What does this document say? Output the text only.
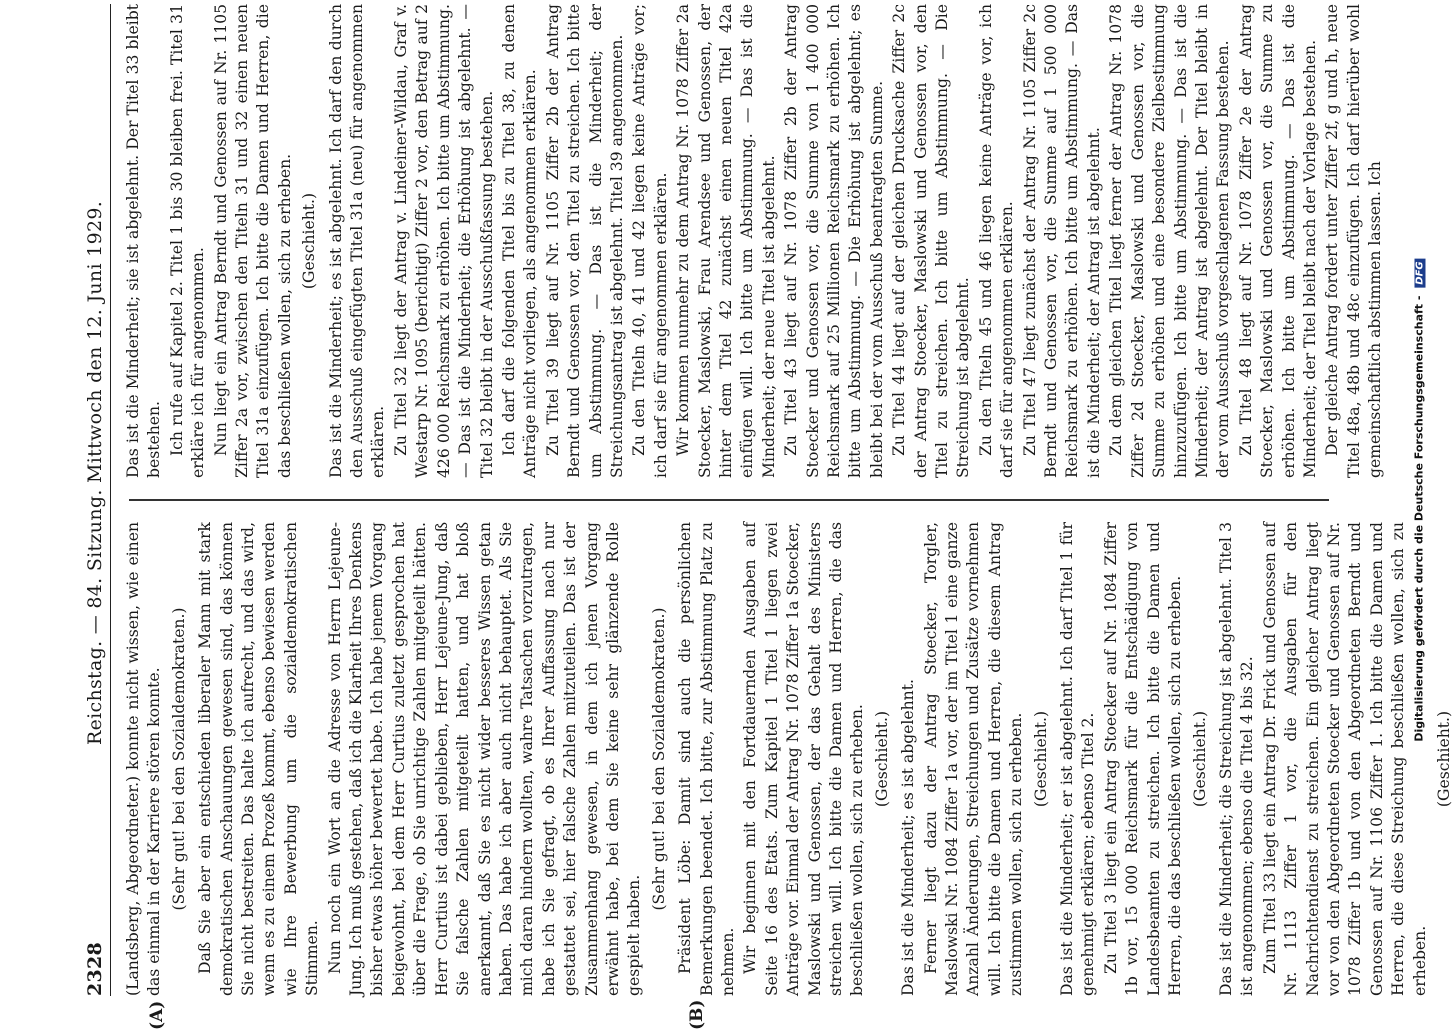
2328
Reichstag. — 84. Sitzung. Mittwoch den 12. Juni 1929.
(A)	(B)

(Landsberg, Abgeordneter.) konnte nicht wissen, wie einen das einmal in der Karriere stören konnte. (Sehr gut! bei den Sozialdemokraten.) Daß Sie aber ein entschieden liberaler Mann mit stark demokratischen Anschauungen gewesen sind, das können Sie nicht bestreiten. Das halte ich aufrecht, und das wird, wenn es zu einem Prozeß kommt, ebenso bewiesen werden wie Ihre Bewerbung um die sozialdemokratischen Stimmen. Nun noch ein Wort an die Adresse von Herrn Lejeune-Jung. Ich muß gestehen, daß ich die Klarheit Ihres Denkens bisher etwas höher bewertet habe. Ich habe jenem Vorgang beigewohnt, bei dem Herr Curtius zuletzt gesprochen hat über die Frage, ob Sie unrichtige Zahlen mitgeteilt hätten. Herr Curtius ist dabei geblieben, Herr Lejeune-Jung, daß Sie falsche Zahlen mitgeteilt hatten, und hat bloß anerkannt, daß Sie es nicht wider besseres Wissen getan haben. Das habe ich aber auch nicht behauptet. Als Sie mich daran hindern wollten, wahre Tatsachen vorzutragen, habe ich Sie gefragt, ob es Ihrer Auffassung nach nur gestattet sei, hier falsche Zahlen mitzuteilen. Das ist der Zusammenhang gewesen, in dem ich jenen Vorgang erwähnt habe, bei dem Sie keine sehr glänzende Rolle gespielt haben.

(Sehr gut! bei den Sozialdemokraten.) Präsident Löbe: Damit sind auch die persönlichen Bemerkungen beendet. Ich bitte, zur Abstimmung Platz zu nehmen. Wir beginnen mit den Fortdauernden Ausgaben auf Seite 16 des Etats. Zum Kapitel 1 Titel 1 liegen zwei Anträge vor. Einmal der Antrag Nr. 1078 Ziffer 1a Stoecker, Maslowski und Genossen, der das Gehalt des Ministers streichen will. Ich bitte die Damen und Herren, die das beschließen wollen, sich zu erheben. (Geschieht.) Das ist die Minderheit; es ist abgelehnt. Ferner liegt dazu der Antrag Stoecker, Torgler, Maslowski Nr. 1084 Ziffer 1a vor, der im Titel 1 eine ganze Anzahl Änderungen, Streichungen und Zusätze vornehmen will. Ich bitte die Damen und Herren, die diesem Antrag zustimmen wollen, sich zu erheben. (Geschieht.) Das ist die Minderheit; er ist abgelehnt. Ich darf Titel 1 für genehmigt erklären; ebenso Titel 2. Zu Titel 3 liegt ein Antrag Stoecker auf Nr. 1084 Ziffer 1b vor, 15 000 Reichsmark für die Entschädigung von Landesbeamten zu streichen. Ich bitte die Damen und Herren, die das beschließen wollen, sich zu erheben. (Geschieht.) Das ist die Minderheit; die Streichung ist abgelehnt. Titel 3 ist angenommen; ebenso die Titel 4 bis 32. Zum Titel 33 liegt ein Antrag Dr. Frick und Genossen auf Nr. 1113 Ziffer 1 vor, die Ausgaben für den Nachrichtendienst zu streichen. Ein gleicher Antrag liegt vor von den Abgeordneten Stoecker und Genossen auf Nr. 1078 Ziffer 1b und von den Abgeordneten Berndt und Genossen auf Nr. 1106 Ziffer 1. Ich bitte die Damen und Herren, die diese Streichung beschließen wollen, sich zu erheben.

(Geschieht.)

Das ist die Minderheit; sie ist abgelehnt. Der Titel 33 bleibt bestehen. Ich rufe auf Kapitel 2. Titel 1 bis 30 bleiben frei. Titel 31 erkläre ich für angenommen. Nun liegt ein Antrag Berndt und Genossen auf Nr. 1105 Ziffer 2a vor, zwischen den Titeln 31 und 32 einen neuen Titel 31a einzufügen. Ich bitte die Damen und Herren, die das beschließen wollen, sich zu erheben. (Geschieht.) Das ist die Minderheit; es ist abgelehnt. Ich darf den durch den Ausschuß eingefügten Titel 31a (neu) für angenommen erklären. Zu Titel 32 liegt der Antrag v. Lindeiner-Wildau, Graf v. Westarp Nr. 1095 (berichtigt) Ziffer 2 vor, den Betrag auf 2 426 000 Reichsmark zu erhöhen. Ich bitte um Abstimmung. — Das ist die Minderheit; die Erhöhung ist abgelehnt. — Titel 32 bleibt in der Ausschußfassung bestehen. Ich darf die folgenden Titel bis zu Titel 38, zu denen Anträge nicht vorliegen, als angenommen erklären. Zu Titel 39 liegt auf Nr. 1105 Ziffer 2b der Antrag Berndt und Genossen vor, den Titel zu streichen. Ich bitte um Abstimmung. — Das ist die Minderheit; der Streichungsantrag ist abgelehnt. Titel 39 angenommen. Zu den Titeln 40, 41 und 42 liegen keine Anträge vor; ich darf sie für angenommen erklären. Wir kommen nunmehr zu dem Antrag Nr. 1078 Ziffer 2a Stoecker, Maslowski, Frau Arendsee und Genossen, der hinter dem Titel 42 zunächst einen neuen Titel 42a einfügen will. Ich bitte um Abstimmung. — Das ist die Minderheit; der neue Titel ist abgelehnt. Zu Titel 43 liegt auf Nr. 1078 Ziffer 2b der Antrag Stoecker und Genossen vor, die Summe von 1 400 000 Reichsmark auf 25 Millionen Reichsmark zu erhöhen. Ich bitte um Abstimmung. — Die Erhöhung ist abgelehnt; es bleibt bei der vom Ausschuß beantragten Summe. Zu Titel 44 liegt auf der gleichen Drucksache Ziffer 2c der Antrag Stoecker, Maslowski und Genossen vor, den Titel zu streichen. Ich bitte um Abstimmung. — Die Streichung ist abgelehnt. Zu den Titeln 45 und 46 liegen keine Anträge vor, ich darf sie für angenommen erklären. Zu Titel 47 liegt zunächst der Antrag Nr. 1105 Ziffer 2c Berndt und Genossen vor, die Summe auf 1 500 000 Reichsmark zu erhöhen. Ich bitte um Abstimmung. — Das ist die Minderheit; der Antrag ist abgelehnt. Zu dem gleichen Titel liegt ferner der Antrag Nr. 1078 Ziffer 2d Stoecker, Maslowski und Genossen vor, die Summe zu erhöhen und eine besondere Zielbestimmung hinzuzufügen. Ich bitte um Abstimmung. — Das ist die Minderheit; der Antrag ist abgelehnt. Der Titel bleibt in der vom Ausschuß vorgeschlagenen Fassung bestehen. Zu Titel 48 liegt auf Nr. 1078 Ziffer 2e der Antrag Stoecker, Maslowski und Genossen vor, die Summe zu erhöhen. Ich bitte um Abstimmung. — Das ist die Minderheit; der Titel bleibt nach der Vorlage bestehen. Der gleiche Antrag fordert unter Ziffer 2f, g und h, neue Titel 48a, 48b und 48c einzufügen. Ich darf hierüber wohl gemeinschaftlich abstimmen lassen. Ich	Digitalisierung gefördert durch die Deutsche Forschungsgemeinschaft - DFG
